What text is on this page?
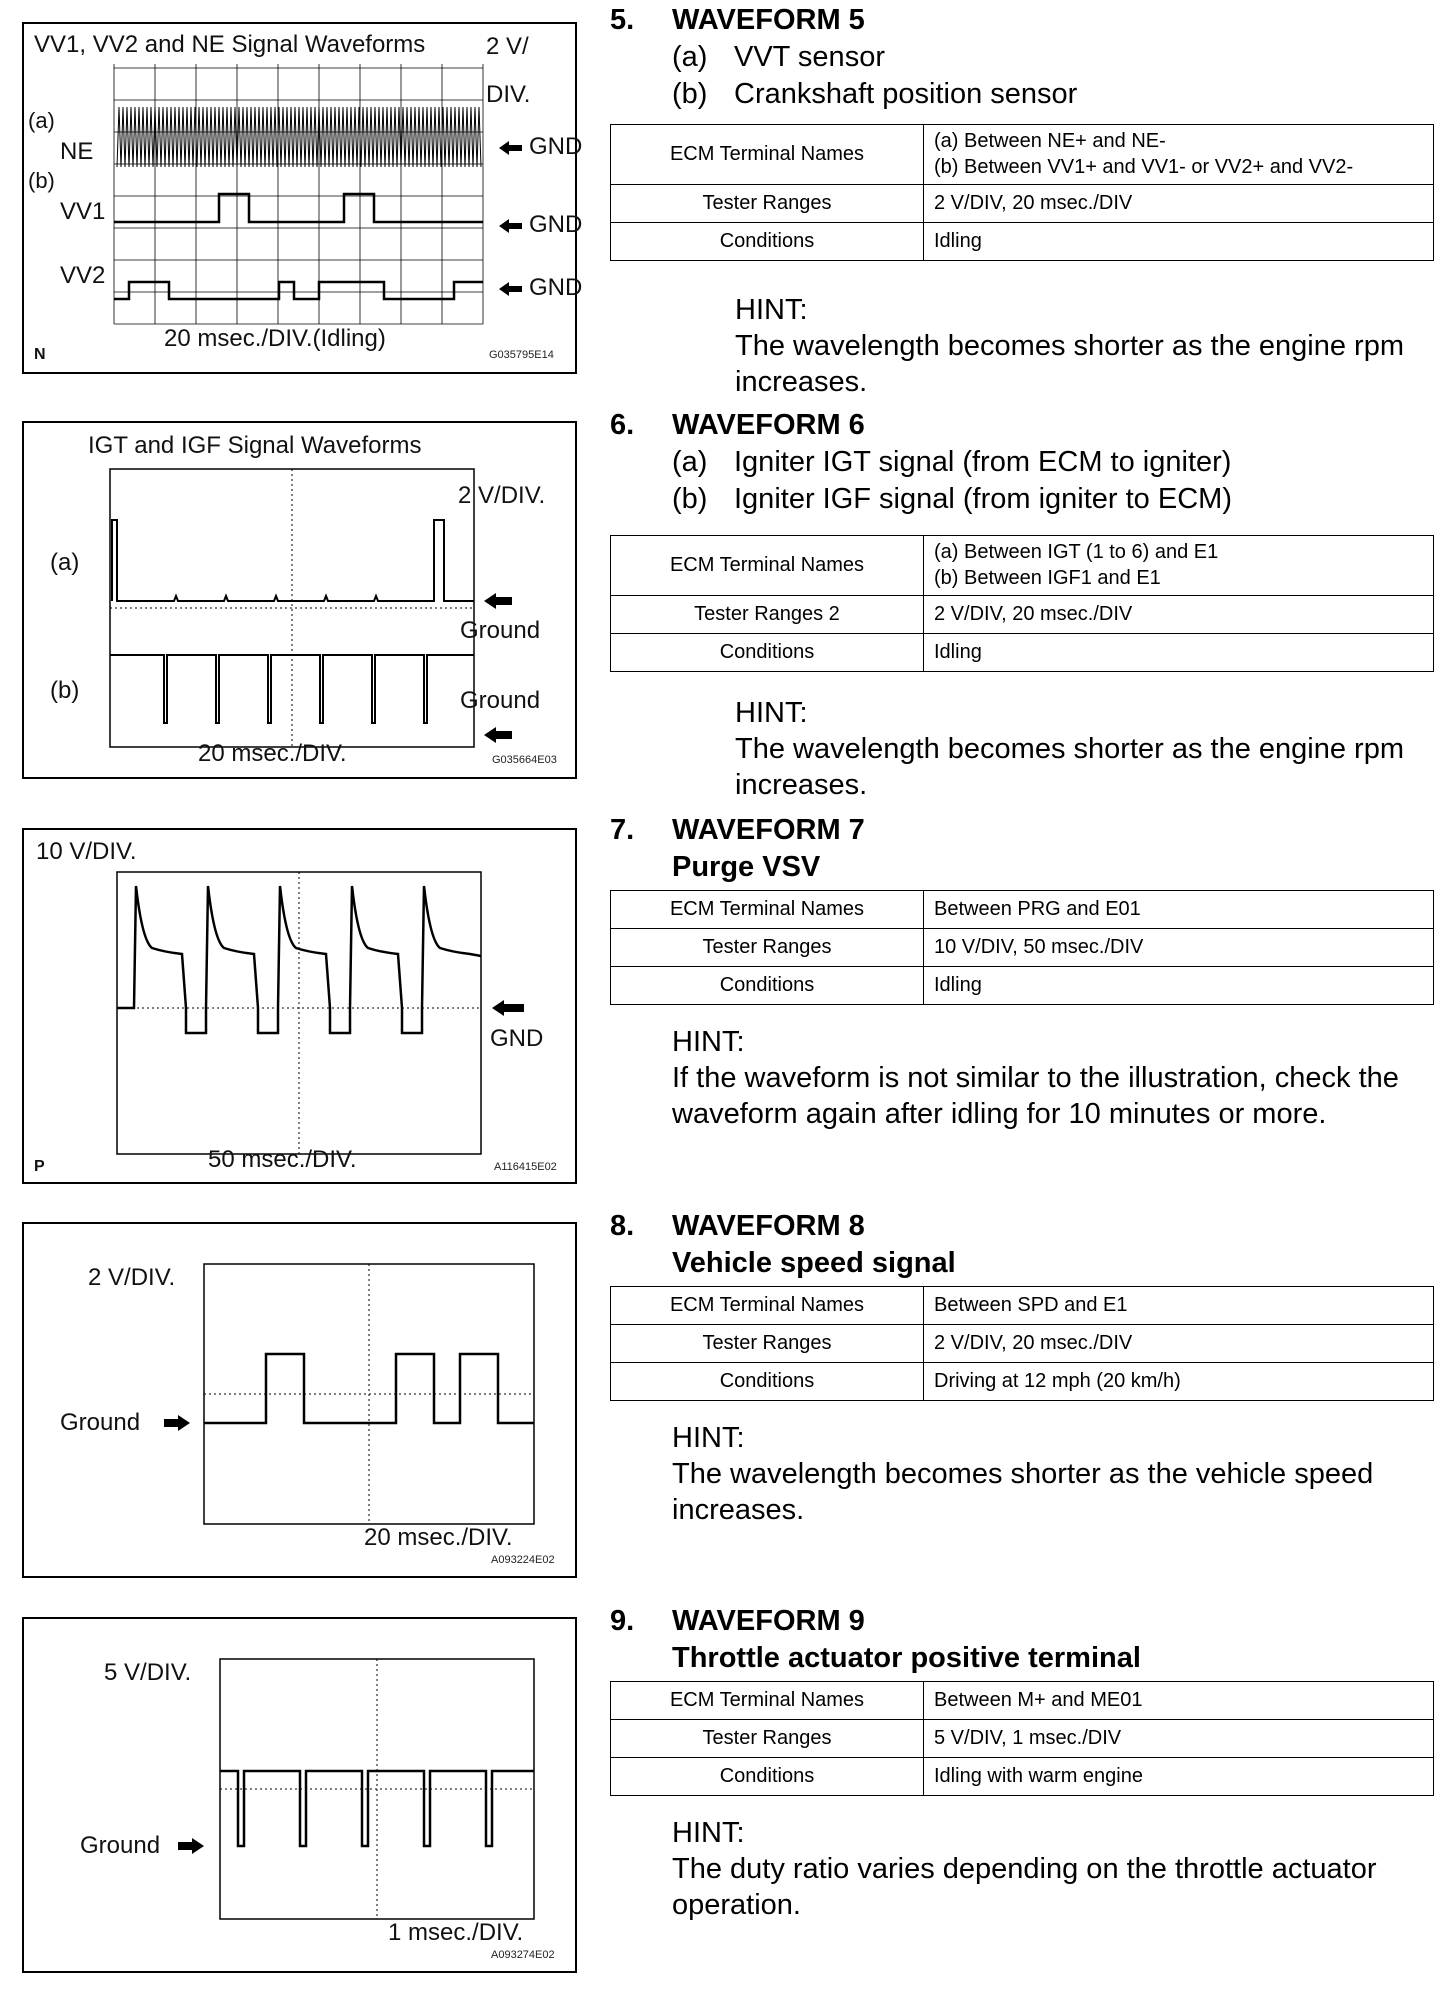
VV1, VV2 and NE Signal Waveforms	2 V/
DIV.
(a)
NE
(b)
VV1
VV2
GND
GND
GND
20 msec./DIV.(Idling)
N	G035795E14
IGT and IGF Signal Waveforms
2 V/DIV.
(a)
(b)
Ground
Ground
20 msec./DIV.	G035664E03
10 V/DIV.
GND
50 msec./DIV.
P	A116415E02
2 V/DIV.
Ground
20 msec./DIV.
A093224E02
5 V/DIV.
Ground
1 msec./DIV.
A093274E02
5. WAVEFORM 5
(a) VVT sensor
(b) Crankshaft position sensor
ECM Terminal Names	(a) Between NE+ and NE-
(b) Between VV1+ and VV1- or VV2+ and VV2-

Tester Ranges	2 V/DIV, 20 msec./DIV
Conditions	Idling

HINT:

The wavelength becomes shorter as the engine rpm increases.

6. WAVEFORM 6
(a) Igniter IGT signal (from ECM to igniter)
(b) Igniter IGF signal (from igniter to ECM)
ECM Terminal Names	(a) Between IGT (1 to 6) and E1
(b) Between IGF1 and E1

Tester Ranges 2	2 V/DIV, 20 msec./DIV
Conditions	Idling

HINT:

The wavelength becomes shorter as the engine rpm increases.

7. WAVEFORM 7
Purge VSV
ECM Terminal Names	Between PRG and E01
Tester Ranges	10 V/DIV, 50 msec./DIV
Conditions	Idling

HINT:

If the waveform is not similar to the illustration, check the waveform again after idling for 10 minutes or more.

8. WAVEFORM 8
Vehicle speed signal
ECM Terminal Names	Between SPD and E1
Tester Ranges	2 V/DIV, 20 msec./DIV
Conditions	Driving at 12 mph (20 km/h)

HINT:

The wavelength becomes shorter as the vehicle speed increases.

9. WAVEFORM 9
Throttle actuator positive terminal
ECM Terminal Names	Between M+ and ME01
Tester Ranges	5 V/DIV, 1 msec./DIV
Conditions	Idling with warm engine

HINT:

The duty ratio varies depending on the throttle actuator operation.
